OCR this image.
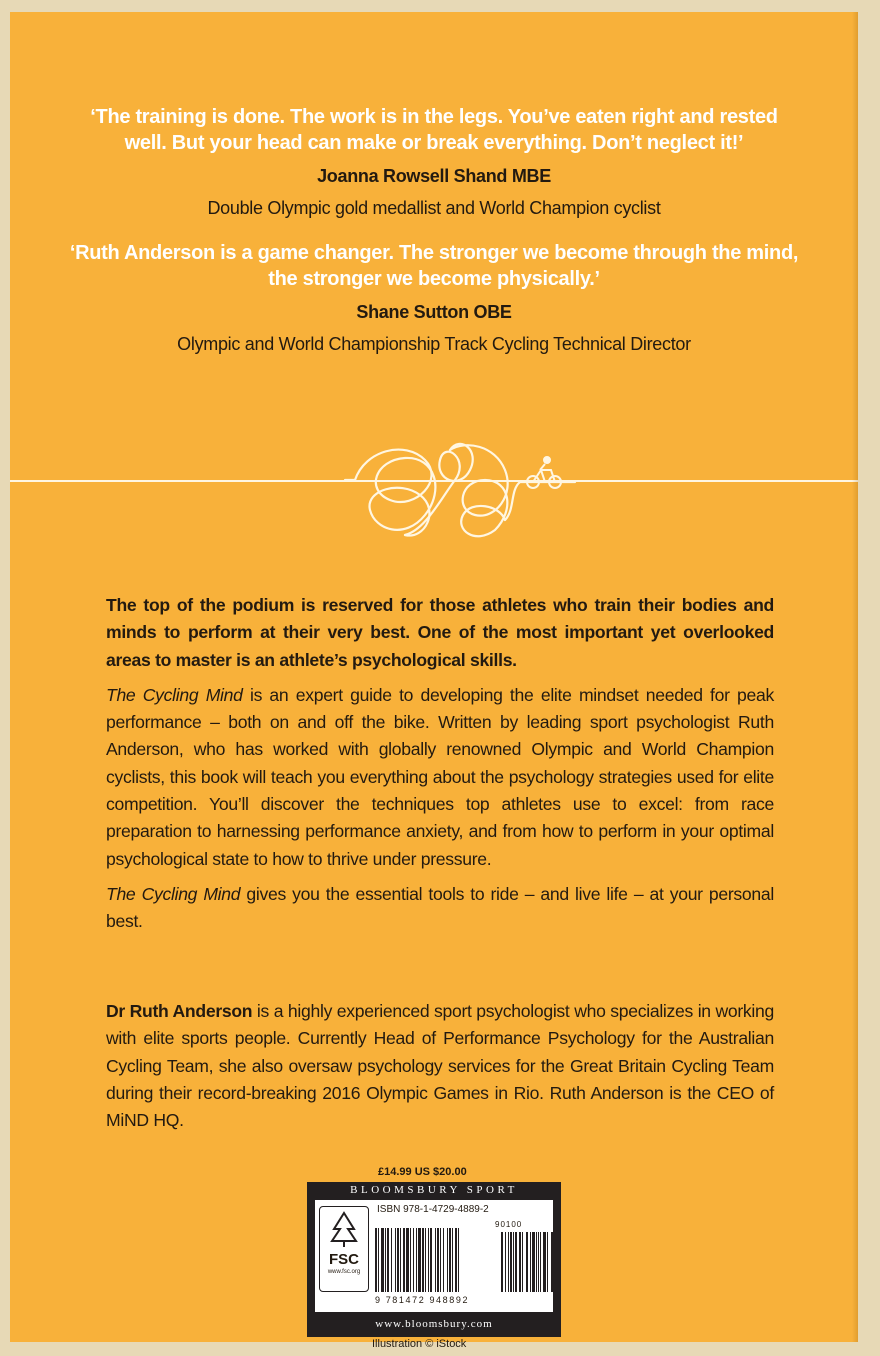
‘The training is done. The work is in the legs. You’ve eaten right and rested
well. But your head can make or break everything. Don’t neglect it!’

Joanna Rowsell Shand MBE

Double Olympic gold medallist and World Champion cyclist

‘Ruth Anderson is a game changer. The stronger we become through the mind,
the stronger we become physically.’

Shane Sutton OBE

Olympic and World Championship Track Cycling Technical Director

The top of the podium is reserved for those athletes who train their bodies and minds to perform at their very best. One of the most important yet overlooked areas to master is an athlete’s psychological skills.

The Cycling Mind is an expert guide to developing the elite mindset needed for peak performance – both on and off the bike. Written by leading sport psychologist Ruth Anderson, who has worked with globally renowned Olympic and World Champion cyclists, this book will teach you everything about the psychology strategies used for elite competition. You’ll discover the techniques top athletes use to excel: from race preparation to harnessing performance anxiety, and from how to perform in your optimal psychological state to how to thrive under pressure.

The Cycling Mind gives you the essential tools to ride – and live life – at your personal best.

Dr Ruth Anderson is a highly experienced sport psychologist who specializes in working with elite sports people. Currently Head of Performance Psychology for the Australian Cycling Team, she also oversaw psychology services for the Great Britain Cycling Team during their record-breaking 2016 Olympic Games in Rio. Ruth Anderson is the CEO of MiND HQ.
£14.99 US $20.00
BLOOMSBURY SPORT
FSC
www.fsc.org
ISBN 978-1-4729-4889-2
90100
9 781472 948892
www.bloomsbury.com
Illustration © iStock
